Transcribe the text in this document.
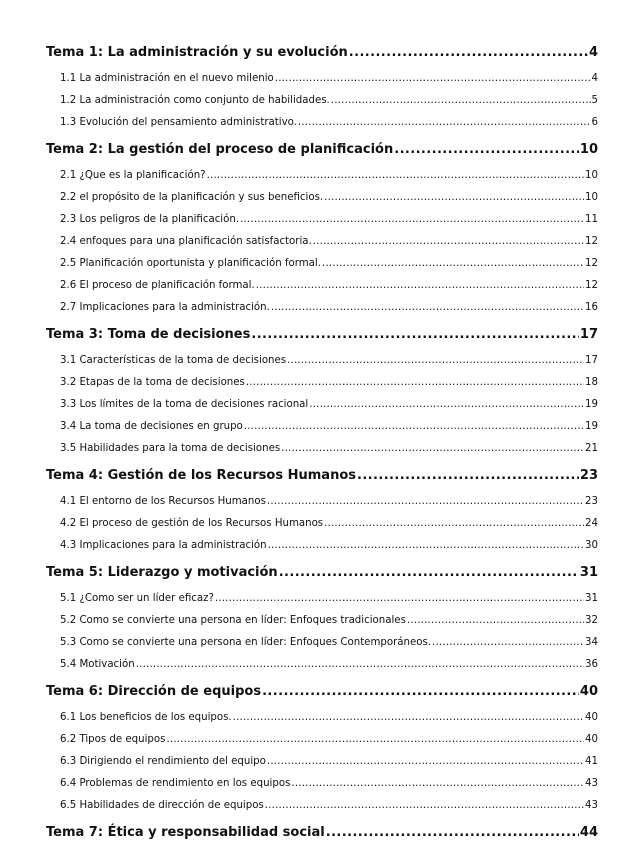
Tema 1: La administración y su evolución .....	4
1.1 La administración en el nuevo milenio .....	4
1.2 La administración como conjunto de habilidades. .....	5
1.3 Evolución del pensamiento administrativo. .....	6
Tema 2: La gestión del proceso de planificación .....	10
2.1 ¿Que es la planificación? .....	10
2.2 el propósito de la planificación y sus beneficios. .....	10
2.3 Los peligros de la planificación. .....	11
2.4 enfoques para una planificación satisfactoria. .....	12
2.5 Planificación oportunista y planificación formal. .....	12
2.6 El proceso de planificación formal. .....	12
2.7 Implicaciones para la administración. .....	16
Tema 3: Toma de decisiones .....	17
3.1 Características de la toma de decisiones .....	17
3.2 Etapas de la toma de decisiones .....	18
3.3 Los límites de la toma de decisiones racional .....	19
3.4 La toma de decisiones en grupo .....	19
3.5 Habilidades para la toma de decisiones .....	21
Tema 4: Gestión de los Recursos Humanos .....	23
4.1 El entorno de los Recursos Humanos .....	23
4.2 El proceso de gestión de los Recursos Humanos .....	24
4.3 Implicaciones para la administración .....	30
Tema 5: Liderazgo y motivación .....	31
5.1 ¿Como ser un líder eficaz? .....	31
5.2 Como se convierte una persona en líder: Enfoques tradicionales .....	32
5.3 Como se convierte una persona en líder: Enfoques Contemporáneos. .....	34
5.4 Motivación .....	36
Tema 6: Dirección de equipos .....	40
6.1 Los beneficios de los equipos. .....	40
6.2 Tipos de equipos .....	40
6.3 Dirigiendo el rendimiento del equipo .....	41
6.4 Problemas de rendimiento en los equipos .....	43
6.5 Habilidades de dirección de equipos .....	43
Tema 7: Ética y responsabilidad social .....	44
